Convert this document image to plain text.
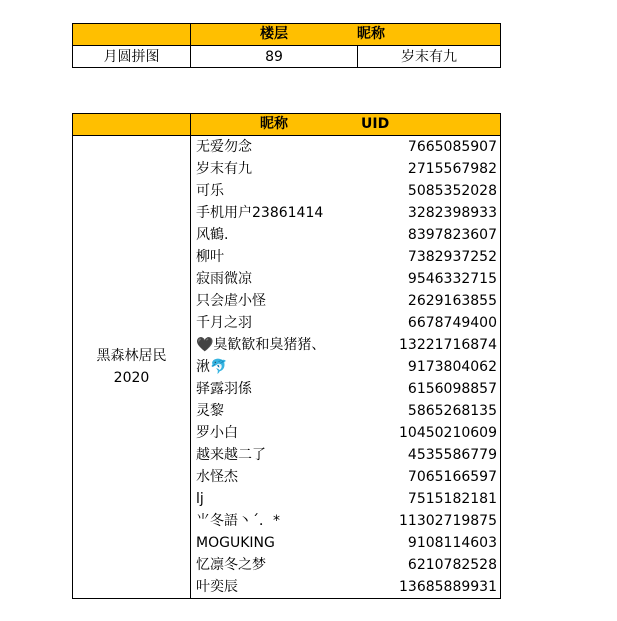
楼层	昵称
月圆拼图	89	岁末有九
昵称	UID
黑森林居民
2020
无爱勿念	7665085907
岁末有九	2715567982
可乐	5085352028
手机用户23861414	3282398933
风鶴.	8397823607
柳叶	7382937252
寂雨微凉	9546332715
只会虐小怪	2629163855
千月之羽	6678749400
🖤臭歓歓和臭猪猪、	13221716874
湫🐬	9173804062
驿露羽係	6156098857
灵黎	5865268135
罗小白	10450210609
越来越二了	4535586779
水怪杰	7065166597
lj	7515182181
⺌冬語丶´．*	11302719875
MOGUKING	9108114603
忆凛冬之梦	6210782528
叶奕辰	13685889931
